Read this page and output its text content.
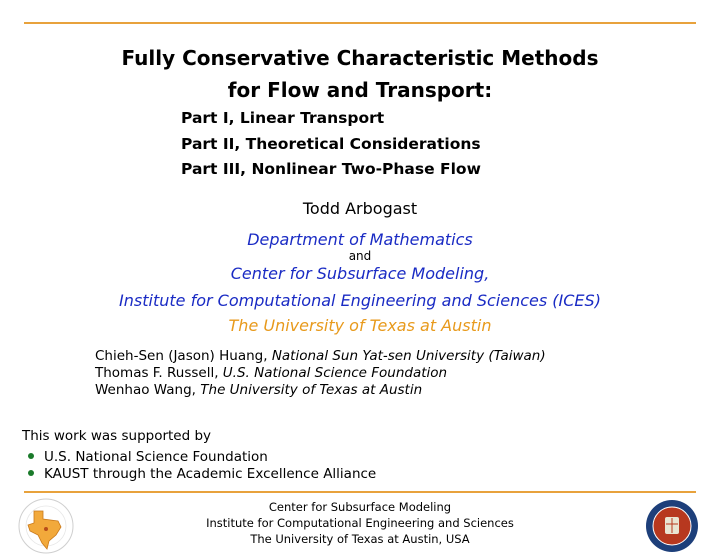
Fully Conservative Characteristic Methods
for Flow and Transport:
Part I, Linear Transport
Part II, Theoretical Considerations
Part III, Nonlinear Two-Phase Flow
Todd Arbogast
Department of Mathematics
and
Center for Subsurface Modeling,
Institute for Computational Engineering and Sciences (ICES)
The University of Texas at Austin
Chieh-Sen (Jason) Huang, National Sun Yat-sen University (Taiwan)
Thomas F. Russell, U.S. National Science Foundation
Wenhao Wang, The University of Texas at Austin
This work was supported by
U.S. National Science Foundation
KAUST through the Academic Excellence Alliance
Center for Subsurface Modeling
Institute for Computational Engineering and Sciences
The University of Texas at Austin, USA
